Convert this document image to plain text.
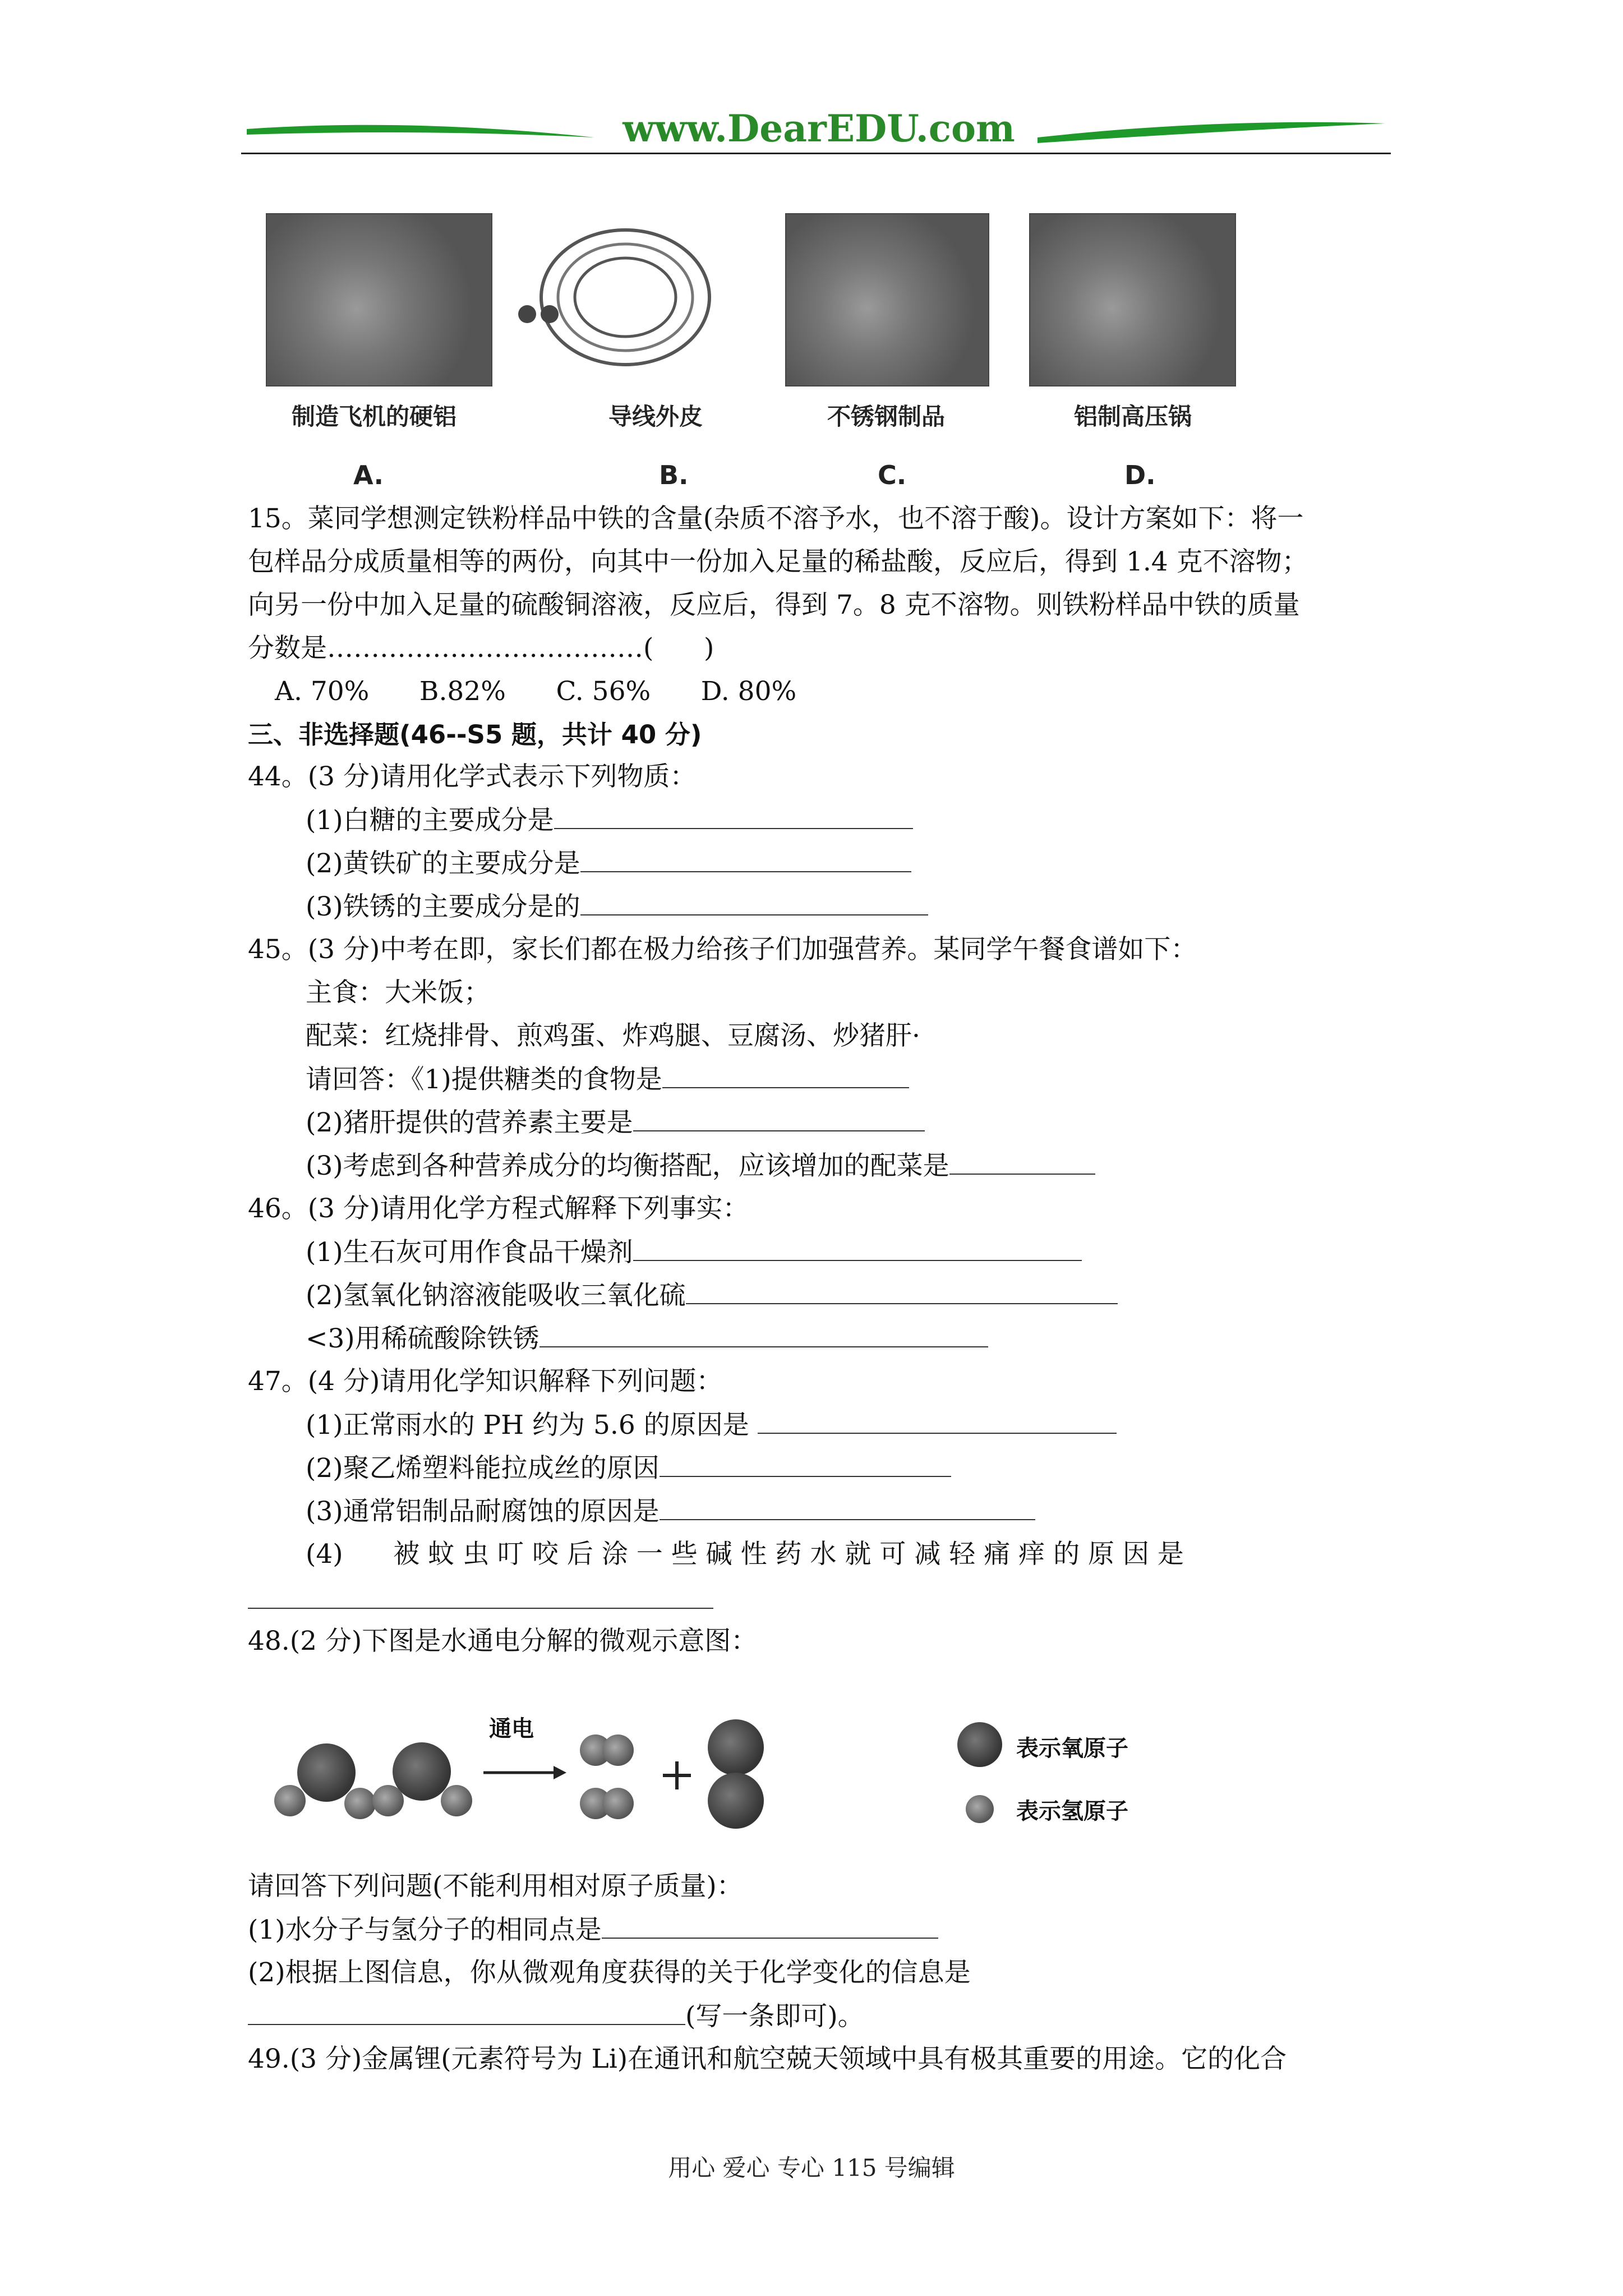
www.DearEDU.com
制造飞机的硬铝	导线外皮	不锈钢制品	铝制高压锅
A.	B.	C.	D.
15。菜同学想测定铁粉样品中铁的含量(杂质不溶予水，也不溶于酸)。设计方案如下：将一
包样品分成质量相等的两份，向其中一份加入足量的稀盐酸，反应后，得到 1.4 克不溶物；
向另一份中加入足量的硫酸铜溶液，反应后，得到 7。8 克不溶物。则铁粉样品中铁的质量
分数是………………………………(      )
A. 70%      B.82%      C. 56%      D. 80%
三、非选择题(46--S5 题，共计 40 分)
44。(3 分)请用化学式表示下列物质：
(1)白糖的主要成分是
(2)黄铁矿的主要成分是
(3)铁锈的主要成分是的
45。(3 分)中考在即，家长们都在极力给孩子们加强营养。某同学午餐食谱如下：
主食：大米饭；
配菜：红烧排骨、煎鸡蛋、炸鸡腿、豆腐汤、炒猪肝·
请回答：《1)提供糖类的食物是
(2)猪肝提供的营养素主要是
(3)考虑到各种营养成分的均衡搭配，应该增加的配菜是
46。(3 分)请用化学方程式解释下列事实：
(1)生石灰可用作食品干燥剂
(2)氢氧化钠溶液能吸收三氧化硫
<3)用稀硫酸除铁锈
47。(4 分)请用化学知识解释下列问题：
(1)正常雨水的 PH 约为 5.6 的原因是
(2)聚乙烯塑料能拉成丝的原因
(3)通常铝制品耐腐蚀的原因是
(4)      被 蚊 虫 叮 咬 后 涂 一 些 碱 性 药 水 就 可 减 轻 痛 痒 的 原 因 是
48.(2 分)下图是水通电分解的微观示意图：
通电
表示氧原子
表示氢原子
请回答下列问题(不能利用相对原子质量)：
(1)水分子与氢分子的相同点是
(2)根据上图信息，你从微观角度获得的关于化学变化的信息是
(写一条即可)。
49.(3 分)金属锂(元素符号为 Li)在通讯和航空兢天领域中具有极其重要的用途。它的化合
用心 爱心 专心 115 号编辑
